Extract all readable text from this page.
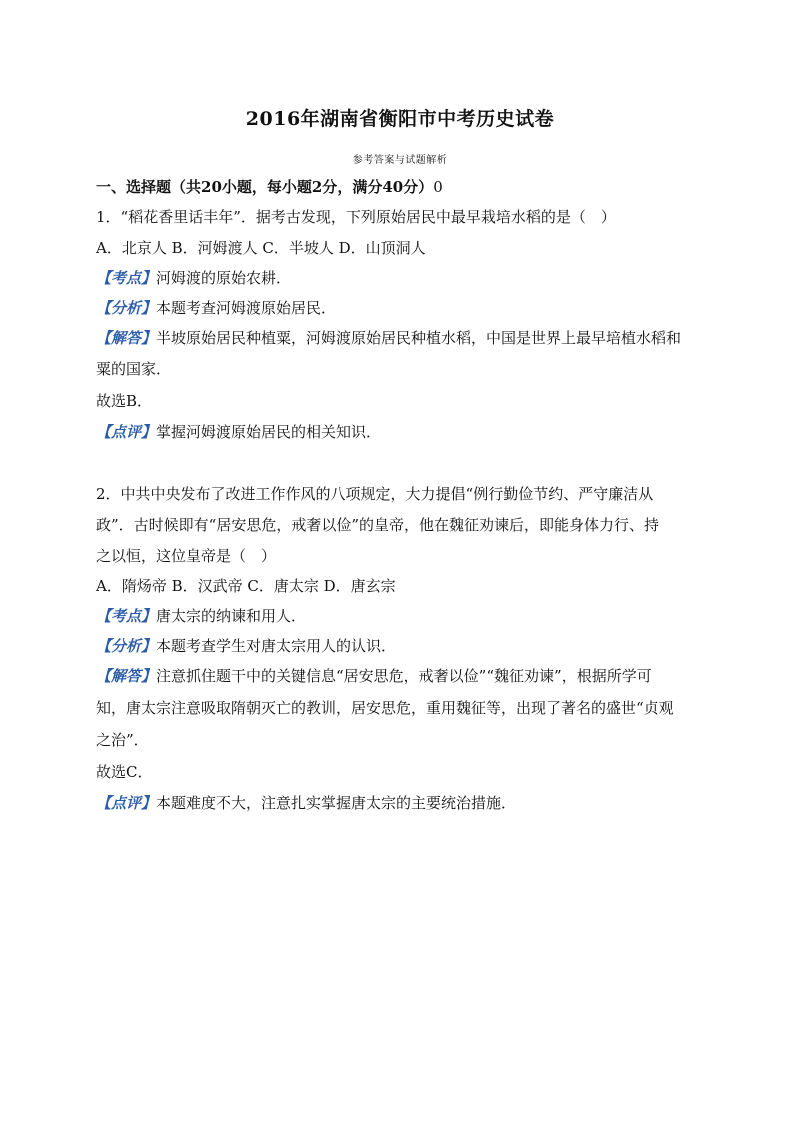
2016年湖南省衡阳市中考历史试卷
参考答案与试题解析
一、选择题（共20小题，每小题2分，满分40分）0
1．“稻花香里话丰年”．据考古发现，下列原始居民中最早栽培水稻的是（　）
A．北京人 B．河姆渡人 C．半坡人 D．山顶洞人
【考点】河姆渡的原始农耕．
【分析】本题考查河姆渡原始居民．
【解答】半坡原始居民种植粟，河姆渡原始居民种植水稻，中国是世界上最早培植水稻和
粟的国家．
故选B．
【点评】掌握河姆渡原始居民的相关知识．
2．中共中央发布了改进工作作风的八项规定，大力提倡“例行勤俭节约、严守廉洁从
政”．古时候即有“居安思危，戒奢以俭”的皇帝，他在魏征劝谏后，即能身体力行、持
之以恒，这位皇帝是（　）
A．隋炀帝 B．汉武帝 C．唐太宗 D．唐玄宗
【考点】唐太宗的纳谏和用人．
【分析】本题考查学生对唐太宗用人的认识．
【解答】注意抓住题干中的关键信息“居安思危，戒奢以俭”“魏征劝谏”，根据所学可
知，唐太宗注意吸取隋朝灭亡的教训，居安思危，重用魏征等，出现了著名的盛世“贞观
之治”．
故选C．
【点评】本题难度不大，注意扎实掌握唐太宗的主要统治措施．
